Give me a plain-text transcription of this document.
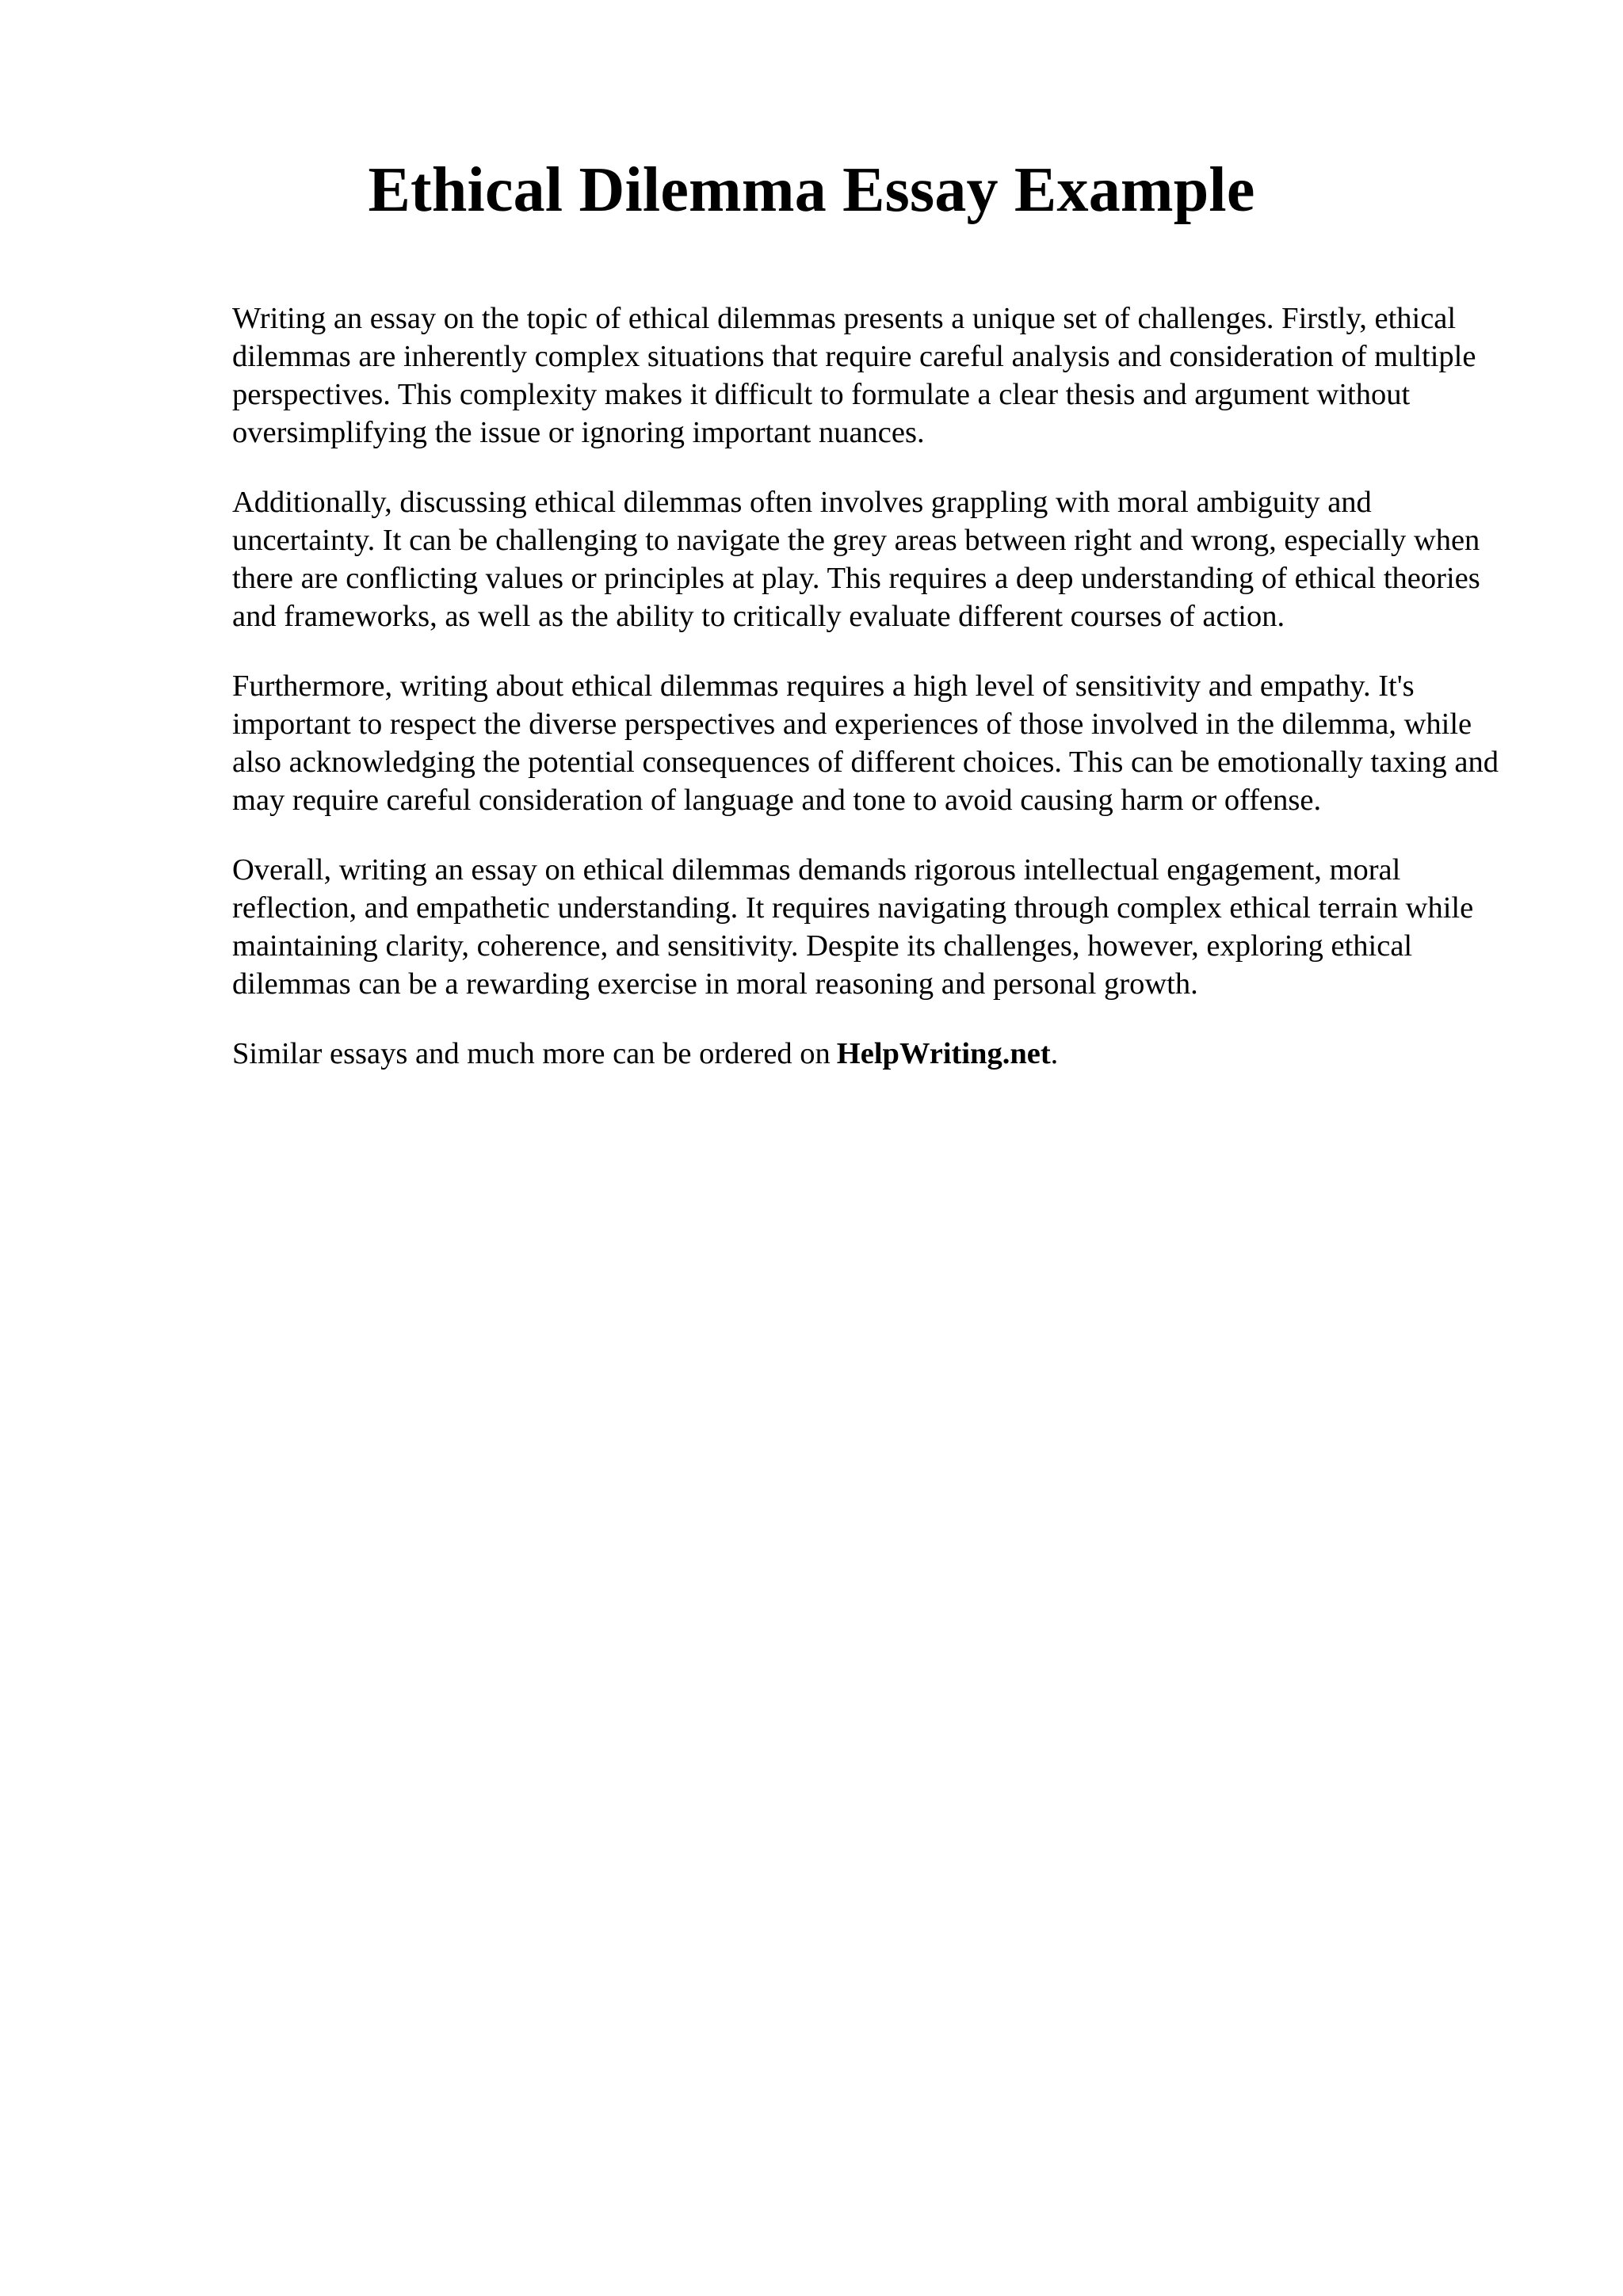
Ethical Dilemma Essay Example

Writing an essay on the topic of ethical dilemmas presents a unique set of challenges. Firstly, ethical dilemmas are inherently complex situations that require careful analysis and consideration of multiple perspectives. This complexity makes it difficult to formulate a clear thesis and argument without oversimplifying the issue or ignoring important nuances.

Additionally, discussing ethical dilemmas often involves grappling with moral ambiguity and uncertainty. It can be challenging to navigate the grey areas between right and wrong, especially when there are conflicting values or principles at play. This requires a deep understanding of ethical theories and frameworks, as well as the ability to critically evaluate different courses of action.

Furthermore, writing about ethical dilemmas requires a high level of sensitivity and empathy. It's important to respect the diverse perspectives and experiences of those involved in the dilemma, while also acknowledging the potential consequences of different choices. This can be emotionally taxing and may require careful consideration of language and tone to avoid causing harm or offense.

Overall, writing an essay on ethical dilemmas demands rigorous intellectual engagement, moral reflection, and empathetic understanding. It requires navigating through complex ethical terrain while maintaining clarity, coherence, and sensitivity. Despite its challenges, however, exploring ethical dilemmas can be a rewarding exercise in moral reasoning and personal growth.

Similar essays and much more can be ordered on HelpWriting.net.
